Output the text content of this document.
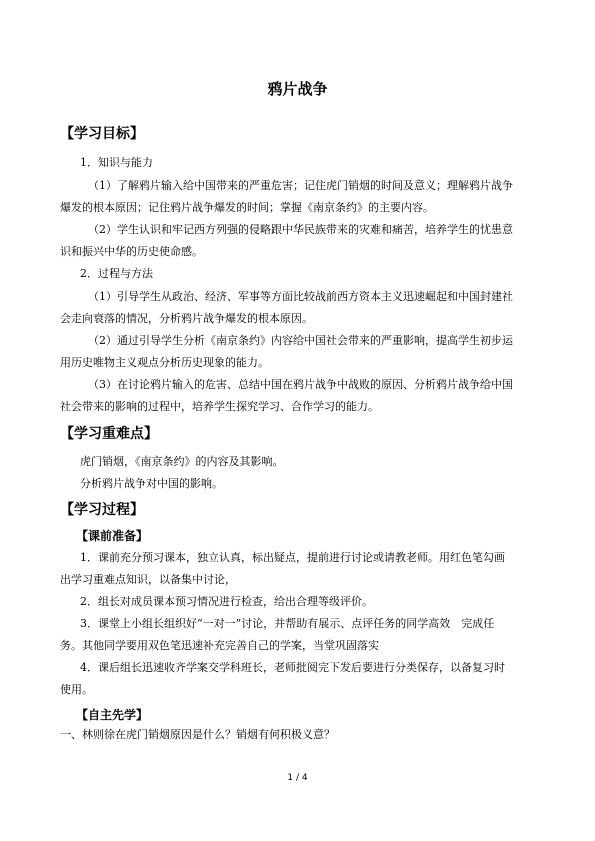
鸦片战争
【学习目标】
1．知识与能力
（1）了解鸦片输入给中国带来的严重危害；记住虎门销烟的时间及意义；理解鸦片战争
爆发的根本原因；记住鸦片战争爆发的时间；掌握《南京条约》的主要内容。
（2）学生认识和牢记西方列强的侵略跟中华民族带来的灾难和痛苦，培养学生的忧患意
识和振兴中华的历史使命感。
2．过程与方法
（1）引导学生从政治、经济、军事等方面比较战前西方资本主义迅速崛起和中国封建社
会走向衰落的情况，分析鸦片战争爆发的根本原因。
（2）通过引导学生分析《南京条约》内容给中国社会带来的严重影响，提高学生初步运
用历史唯物主义观点分析历史现象的能力。
（3）在讨论鸦片输入的危害、总结中国在鸦片战争中战败的原因、分析鸦片战争给中国
社会带来的影响的过程中，培养学生探究学习、合作学习的能力。
【学习重难点】
虎门销烟，《南京条约》的内容及其影响。
分析鸦片战争对中国的影响。
【学习过程】
【课前准备】
1．课前充分预习课本，独立认真，标出疑点，提前进行讨论或请教老师。用红色笔勾画
出学习重难点知识，以备集中讨论，
2．组长对成员课本预习情况进行检查，给出合理等级评价。
3．课堂上小组长组织好“一对一”讨论，并帮助有展示、点评任务的同学高效　完成任
务。其他同学要用双色笔迅速补充完善自己的学案，当堂巩固落实
4．课后组长迅速收齐学案交学科班长，老师批阅完下发后要进行分类保存，以备复习时
使用。
【自主先学】
一、林则徐在虎门销烟原因是什么？销烟有何积极义意？
1 / 4
